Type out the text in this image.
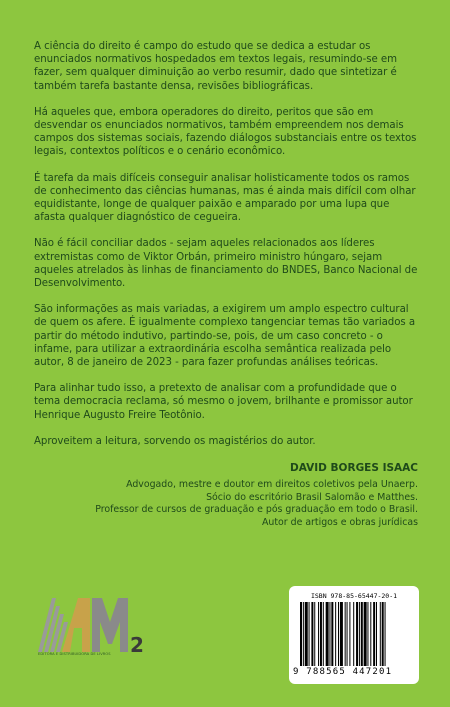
A ciência do direito é campo do estudo que se dedica a estudar os enunciados normativos hospedados em textos legais, resumindo-se em fazer, sem qualquer diminuição ao verbo resumir, dado que sintetizar é também tarefa bastante densa, revisões bibliográficas.

Há aqueles que, embora operadores do direito, peritos que são em desvendar os enunciados normativos, também empreendem nos demais campos dos sistemas sociais, fazendo diálogos substanciais entre os textos legais, contextos políticos e o cenário econômico.

É tarefa da mais difíceis conseguir analisar holisticamente todos os ramos de conhecimento das ciências humanas, mas é ainda mais difícil com olhar equidistante, longe de qualquer paixão e amparado por uma lupa que afasta qualquer diagnóstico de cegueira.

Não é fácil conciliar dados - sejam aqueles relacionados aos líderes extremistas como de Viktor Orbán, primeiro ministro húngaro, sejam aqueles atrelados às linhas de financiamento do BNDES, Banco Nacional de Desenvolvimento.

São informações as mais variadas, a exigirem um amplo espectro cultural de quem os afere. É igualmente complexo tangenciar temas tão variados a partir do método indutivo, partindo-se, pois, de um caso concreto - o infame, para utilizar a extraordinária escolha semântica realizada pelo autor, 8 de janeiro de 2023 - para fazer profundas análises teóricas.

Para alinhar tudo isso, a pretexto de analisar com a profundidade que o tema democracia reclama, só mesmo o jovem, brilhante e promissor autor Henrique Augusto Freire Teotônio.

Aproveitem a leitura, sorvendo os magistérios do autor.

DAVID BORGES ISAAC
Advogado, mestre e doutor em direitos coletivos pela Unaerp.
Sócio do escritório Brasil Salomão e Matthes.
Professor de cursos de graduação e pós graduação em todo o Brasil.
Autor de artigos e obras jurídicas
2
EDITORA E DISTRIBUIDORA DE LIVROS
ISBN 978-85-65447-20-1
9 788565 447201
